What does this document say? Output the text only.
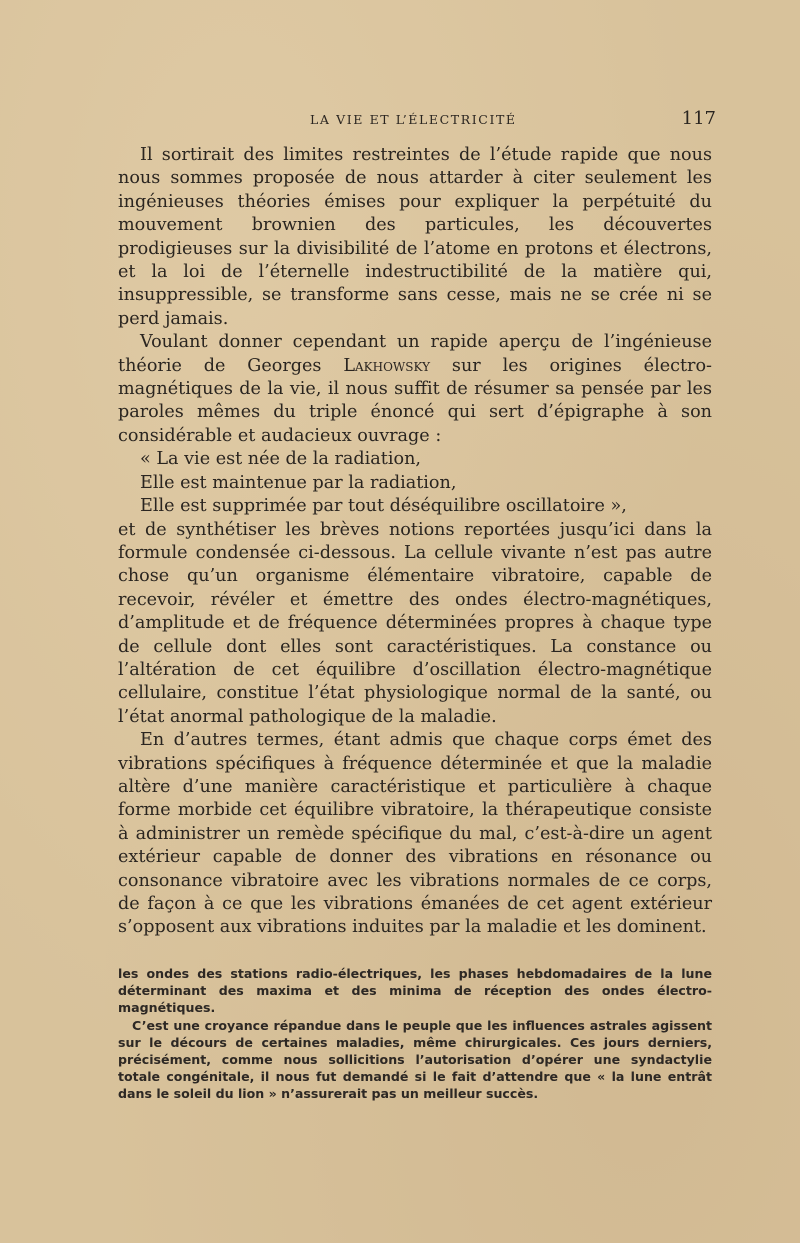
LA VIE ET L’ÉLECTRICITÉ	117

Il sortirait des limites restreintes de l’étude rapide que nous nous sommes proposée de nous attarder à citer seulement les ingénieuses théories émises pour expliquer la perpétuité du mouvement brownien des particules, les découvertes prodigieuses sur la divisibilité de l’atome en protons et électrons, et la loi de l’éternelle indestructibilité de la matière qui, insuppressible, se transforme sans cesse, mais ne se crée ni se perd jamais.

Voulant donner cependant un rapide aperçu de l’ingénieuse théorie de Georges Lakhowsky sur les origines électro-magnétiques de la vie, il nous suffit de résumer sa pensée par les paroles mêmes du triple énoncé qui sert d’épigraphe à son considérable et audacieux ouvrage :

« La vie est née de la radiation,

Elle est maintenue par la radiation,

Elle est supprimée par tout déséquilibre oscillatoire »,

et de synthétiser les brèves notions reportées jusqu’ici dans la formule condensée ci-dessous. La cellule vivante n’est pas autre chose qu’un organisme élémentaire vibratoire, capable de recevoir, révéler et émettre des ondes électro-magnétiques, d’amplitude et de fréquence déterminées propres à chaque type de cellule dont elles sont caractéristiques. La constance ou l’altération de cet équilibre d’oscillation électro-magnétique cellulaire, constitue l’état physiologique normal de la santé, ou l’état anormal pathologique de la maladie.

En d’autres termes, étant admis que chaque corps émet des vibrations spécifiques à fréquence déterminée et que la maladie altère d’une manière caractéristique et particulière à chaque forme morbide cet équilibre vibratoire, la thérapeutique consiste à administrer un remède spécifique du mal, c’est-à-dire un agent extérieur capable de donner des vibrations en résonance ou consonance vibratoire avec les vibrations normales de ce corps, de façon à ce que les vibrations émanées de cet agent extérieur s’opposent aux vibrations induites par la maladie et les dominent.

les ondes des stations radio-électriques, les phases hebdomadaires de la lune déterminant des maxima et des minima de réception des ondes électro-magnétiques.

C’est une croyance répandue dans le peuple que les influences astrales agissent sur le décours de certaines maladies, même chirurgicales. Ces jours derniers, précisément, comme nous sollicitions l’autorisation d’opérer une syndactylie totale congénitale, il nous fut demandé si le fait d’attendre que « la lune entrât dans le soleil du lion » n’assurerait pas un meilleur succès.
